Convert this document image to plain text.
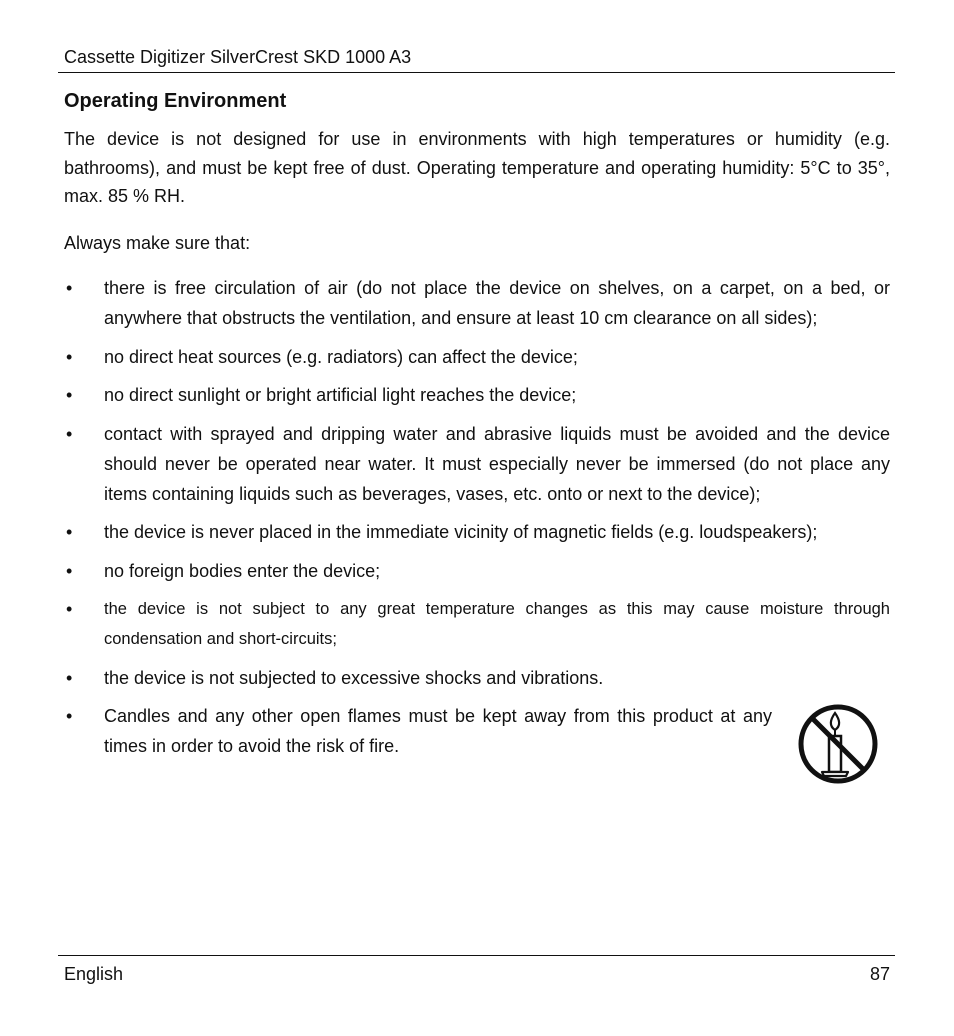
Cassette Digitizer SilverCrest SKD 1000 A3
Operating Environment

The device is not designed for use in environments with high temperatures or humidity (e.g. bathrooms), and must be kept free of dust. Operating temperature and operating humidity: 5°C to 35°, max. 85 % RH.

Always make sure that:

• there is free circulation of air (do not place the device on shelves, on a carpet, on a bed, or anywhere that obstructs the ventilation, and ensure at least 10 cm clearance on all sides);
• no direct heat sources (e.g. radiators) can affect the device;
• no direct sunlight or bright artificial light reaches the device;
• contact with sprayed and dripping water and abrasive liquids must be avoided and the device should never be operated near water. It must especially never be immersed (do not place any items containing liquids such as beverages, vases, etc. onto or next to the device);
• the device is never placed in the immediate vicinity of magnetic fields (e.g. loudspeakers);
• no foreign bodies enter the device;
• the device is not subject to any great temperature changes as this may cause moisture through condensation and short-circuits;
• the device is not subjected to excessive shocks and vibrations.
• Candles and any other open flames must be kept away from this product at any times in order to avoid the risk of fire.
English	87
